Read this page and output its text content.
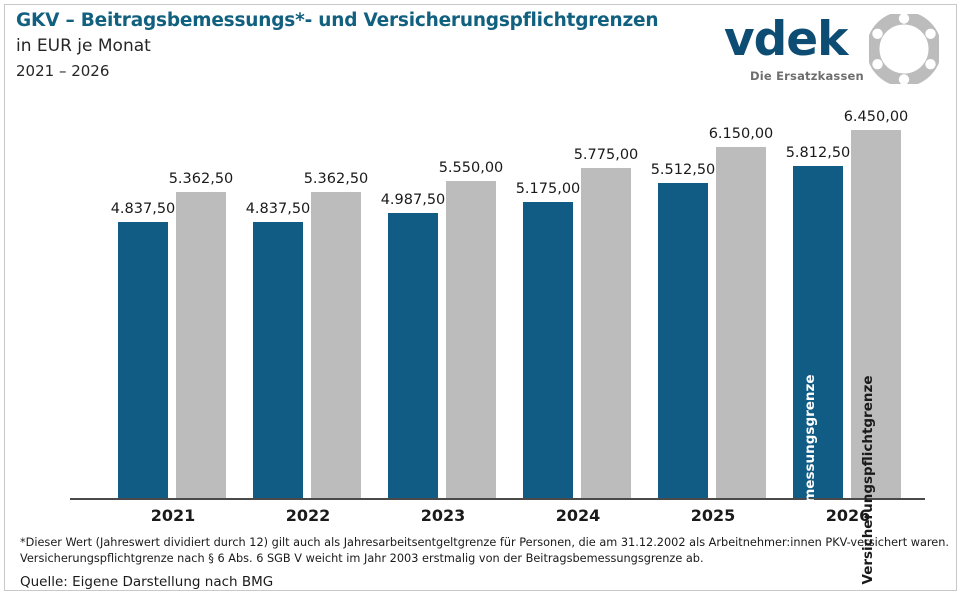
GKV – Beitragsbemessungs*- und Versicherungspflichtgrenzen
in EUR je Monat
2021 – 2026
vdek
Die Ersatzkassen
4.837,50
5.362,50
4.837,50
5.362,50
4.987,50
5.550,00
5.175,00
5.775,00
5.512,50
6.150,00
5.812,50
Beitragsbemessungsgrenze
6.450,00
Versicherungspflichtgrenze
2021	2022	2023	2024	2025	2026
*Dieser Wert (Jahreswert dividiert durch 12) gilt auch als Jahresarbeitsentgeltgrenze für Personen, die am 31.12.2002 als Arbeitnehmer:innen PKV-versichert waren.
Versicherungspflichtgrenze nach § 6 Abs. 6 SGB V weicht im Jahr 2003 erstmalig von der Beitragsbemessungsgrenze ab.
Quelle: Eigene Darstellung nach BMG
